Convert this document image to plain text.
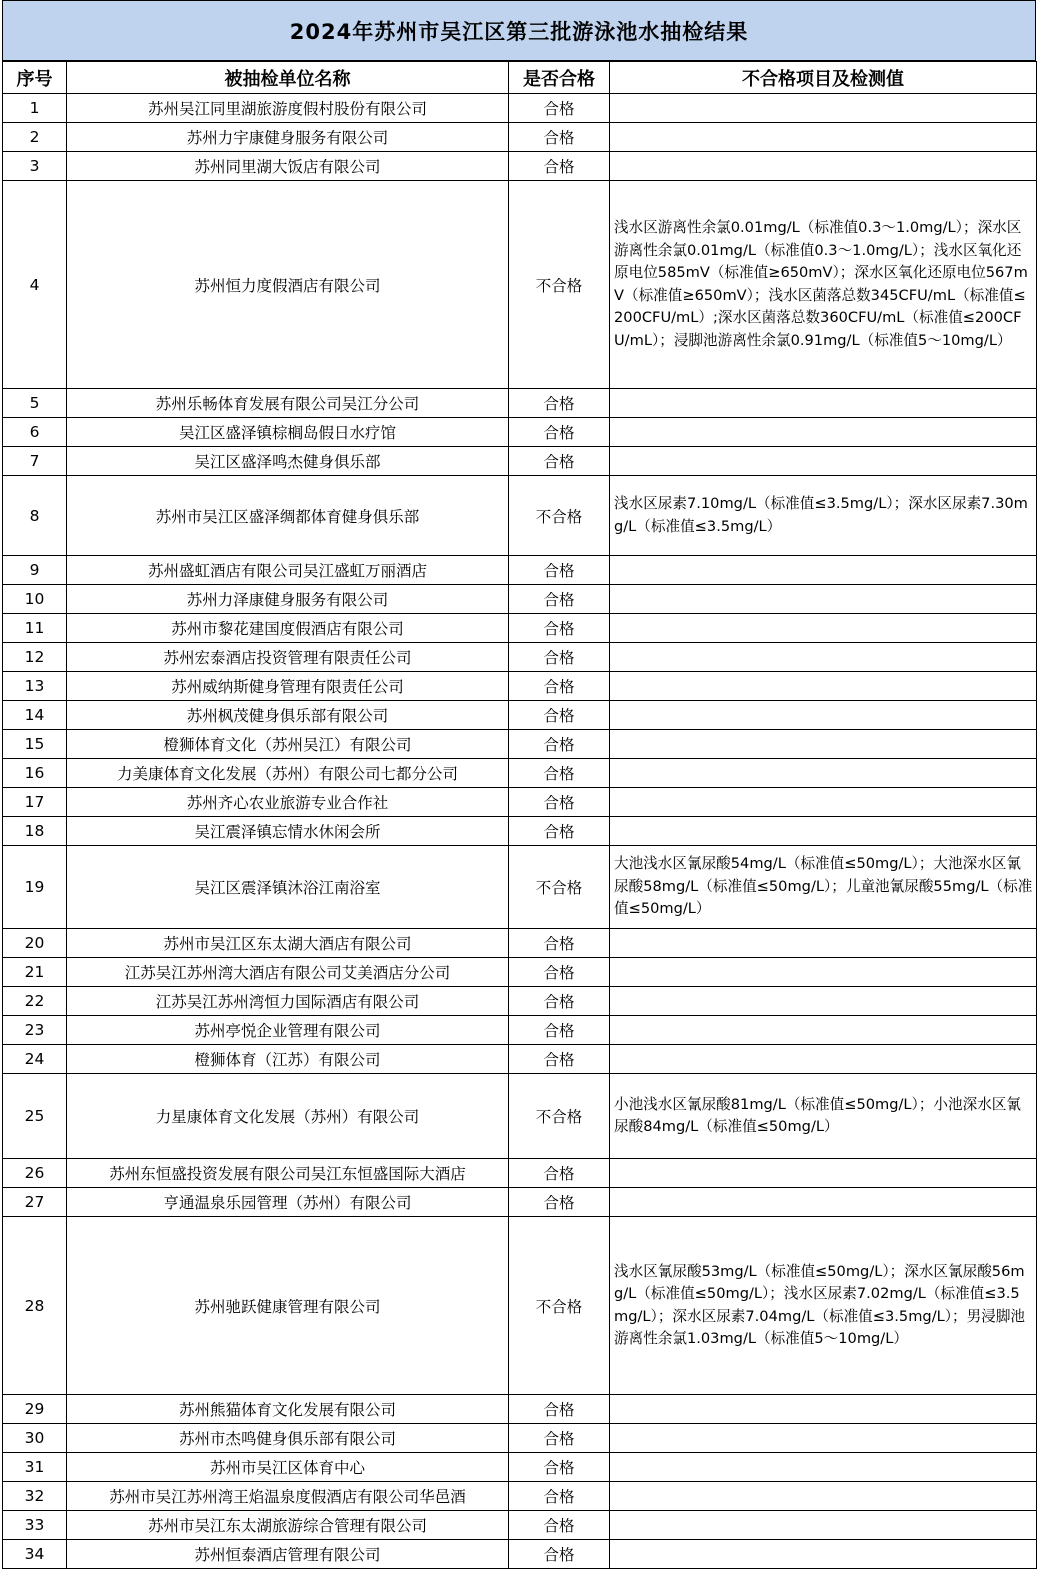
2024年苏州市吴江区第三批游泳池水抽检结果
序号	被抽检单位名称	是否合格	不合格项目及检测值
1	苏州吴江同里湖旅游度假村股份有限公司	合格	
2	苏州力宇康健身服务有限公司	合格	
3	苏州同里湖大饭店有限公司	合格	
4	苏州恒力度假酒店有限公司	不合格	浅水区游离性余氯0.01mg/L（标准值0.3～1.0mg/L）；深水区游离性余氯0.01mg/L（标准值0.3～1.0mg/L）；浅水区氧化还原电位585mV（标准值≥650mV）；深水区氧化还原电位567mV（标准值≥650mV）；浅水区菌落总数345CFU/mL（标准值≤200CFU/mL）;深水区菌落总数360CFU/mL（标准值≤200CFU/mL）；浸脚池游离性余氯0.91mg/L（标准值5～10mg/L）
5	苏州乐畅体育发展有限公司吴江分公司	合格	
6	吴江区盛泽镇棕榈岛假日水疗馆	合格	
7	吴江区盛泽鸣杰健身俱乐部	合格	
8	苏州市吴江区盛泽绸都体育健身俱乐部	不合格	浅水区尿素7.10mg/L（标准值≤3.5mg/L）；深水区尿素7.30mg/L（标准值≤3.5mg/L）
9	苏州盛虹酒店有限公司吴江盛虹万丽酒店	合格	
10	苏州力泽康健身服务有限公司	合格	
11	苏州市黎花建国度假酒店有限公司	合格	
12	苏州宏泰酒店投资管理有限责任公司	合格	
13	苏州威纳斯健身管理有限责任公司	合格	
14	苏州枫茂健身俱乐部有限公司	合格	
15	橙狮体育文化（苏州吴江）有限公司	合格	
16	力美康体育文化发展（苏州）有限公司七都分公司	合格	
17	苏州齐心农业旅游专业合作社	合格	
18	吴江震泽镇忘情水休闲会所	合格	
19	吴江区震泽镇沐浴江南浴室	不合格	大池浅水区氰尿酸54mg/L（标准值≤50mg/L）；大池深水区氰尿酸58mg/L（标准值≤50mg/L）；儿童池氰尿酸55mg/L（标准值≤50mg/L）
20	苏州市吴江区东太湖大酒店有限公司	合格	
21	江苏吴江苏州湾大酒店有限公司艾美酒店分公司	合格	
22	江苏吴江苏州湾恒力国际酒店有限公司	合格	
23	苏州亭悦企业管理有限公司	合格	
24	橙狮体育（江苏）有限公司	合格	
25	力星康体育文化发展（苏州）有限公司	不合格	小池浅水区氰尿酸81mg/L（标准值≤50mg/L）；小池深水区氰尿酸84mg/L（标准值≤50mg/L）
26	苏州东恒盛投资发展有限公司吴江东恒盛国际大酒店	合格	
27	亨通温泉乐园管理（苏州）有限公司	合格	
28	苏州驰跃健康管理有限公司	不合格	浅水区氰尿酸53mg/L（标准值≤50mg/L）；深水区氰尿酸56mg/L（标准值≤50mg/L）；浅水区尿素7.02mg/L（标准值≤3.5mg/L）；深水区尿素7.04mg/L（标准值≤3.5mg/L）；男浸脚池游离性余氯1.03mg/L（标准值5～10mg/L）
29	苏州熊猫体育文化发展有限公司	合格	
30	苏州市杰鸣健身俱乐部有限公司	合格	
31	苏州市吴江区体育中心	合格	
32	苏州市吴江苏州湾王焰温泉度假酒店有限公司华邑酒	合格	
33	苏州市吴江东太湖旅游综合管理有限公司	合格	
34	苏州恒泰酒店管理有限公司	合格	
